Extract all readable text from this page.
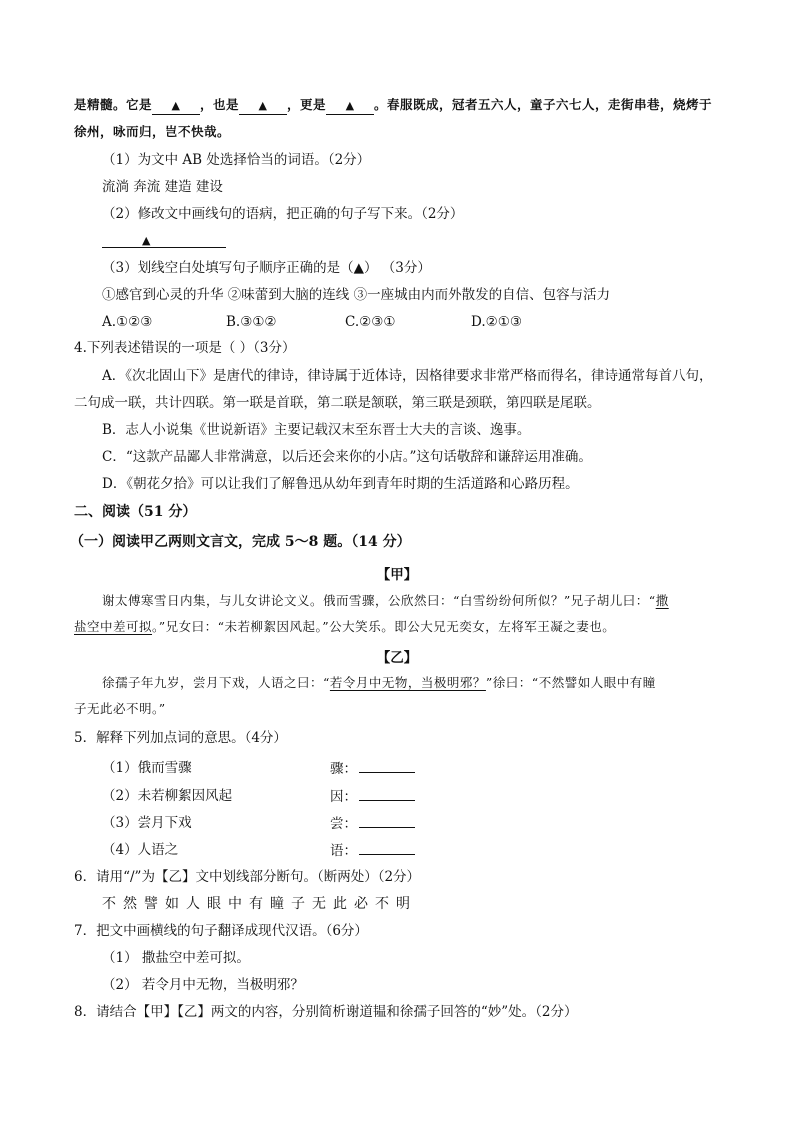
是精髓。它是 ▲ ，也是 ▲ ，更是 ▲ 。春服既成，冠者五六人，童子六七人，走街串巷，烧烤于
徐州，咏而归，岂不快哉。
（1）为文中 AB 处选择恰当的词语。（2分）
流淌 奔流 建造 建设
（2）修改文中画线句的语病，把正确的句子写下来。（2分）
▲
（3）划线空白处填写句子顺序正确的是（▲） （3分）
①感官到心灵的升华 ②味蕾到大脑的连线 ③一座城由内而外散发的自信、包容与活力
A.①②③	B.③①②	C.②③①	D.②①③
4.下列表述错误的一项是（ ）（3分）
A．《次北固山下》是唐代的律诗，律诗属于近体诗，因格律要求非常严格而得名，律诗通常每首八句，
二句成一联，共计四联。第一联是首联，第二联是颔联，第三联是颈联，第四联是尾联。
B．志人小说集《世说新语》主要记载汉末至东晋士大夫的言谈、逸事。
C．“这款产品鄙人非常满意，以后还会来你的小店。”这句话敬辞和谦辞运用准确。
D．《朝花夕拾》可以让我们了解鲁迅从幼年到青年时期的生活道路和心路历程。
二、阅读（51 分）
（一）阅读甲乙两则文言文，完成 5～8 题。（14 分）
【甲】
谢太傅寒雪日内集，与儿女讲论文义。俄而雪骤，公欣然曰：“白雪纷纷何所似？”兄子胡儿曰：“撒
盐空中差可拟。”兄女曰：“未若柳絮因风起。”公大笑乐。即公大兄无奕女，左将军王凝之妻也。
【乙】
徐孺子年九岁，尝月下戏，人语之曰：“若令月中无物，当极明邪？”徐曰：“不然譬如人眼中有瞳
子无此必不明。”
5．解释下列加点词的意思。（4分）
（1）俄而雪骤	骤：
（2）未若柳絮因风起	因：
（3）尝月下戏	尝：
（4）人语之	语：
6．请用“/”为【乙】文中划线部分断句。（断两处）（2分）
不然譬如人眼中有瞳子无此必不明
7．把文中画横线的句子翻译成现代汉语。（6分）
（1） 撒盐空中差可拟。
（2） 若令月中无物，当极明邪？
8．请结合【甲】【乙】两文的内容，分别简析谢道韫和徐孺子回答的“妙”处。（2分）
